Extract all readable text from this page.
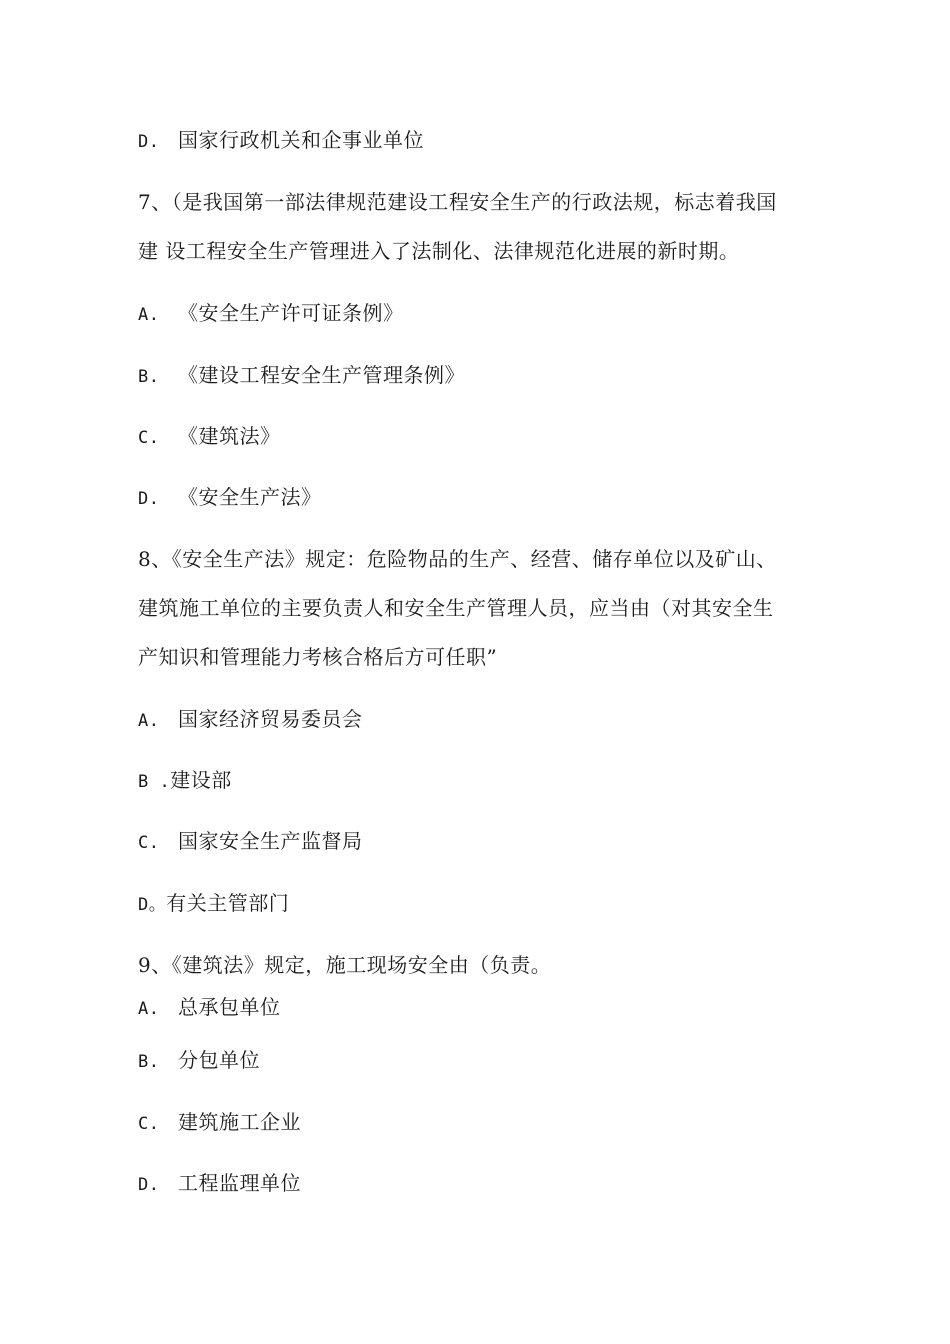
D. 国家行政机关和企事业单位
7、（是我国第一部法律规范建设工程安全生产的行政法规，标志着我国
建 设工程安全生产管理进入了法制化、法律规范化进展的新时期。
A. 《安全生产许可证条例》
B. 《建设工程安全生产管理条例》
C. 《建筑法》
D. 《安全生产法》
8、《安全生产法》规定：危险物品的生产、经营、储存单位以及矿山、
建筑施工单位的主要负责人和安全生产管理人员，应当由（对其安全生
产知识和管理能力考核合格后方可任职”
A. 国家经济贸易委员会
B .建设部
C. 国家安全生产监督局
D。有关主管部门
9、《建筑法》规定，施工现场安全由（负责。
A. 总承包单位
B. 分包单位
C. 建筑施工企业
D. 工程监理单位
